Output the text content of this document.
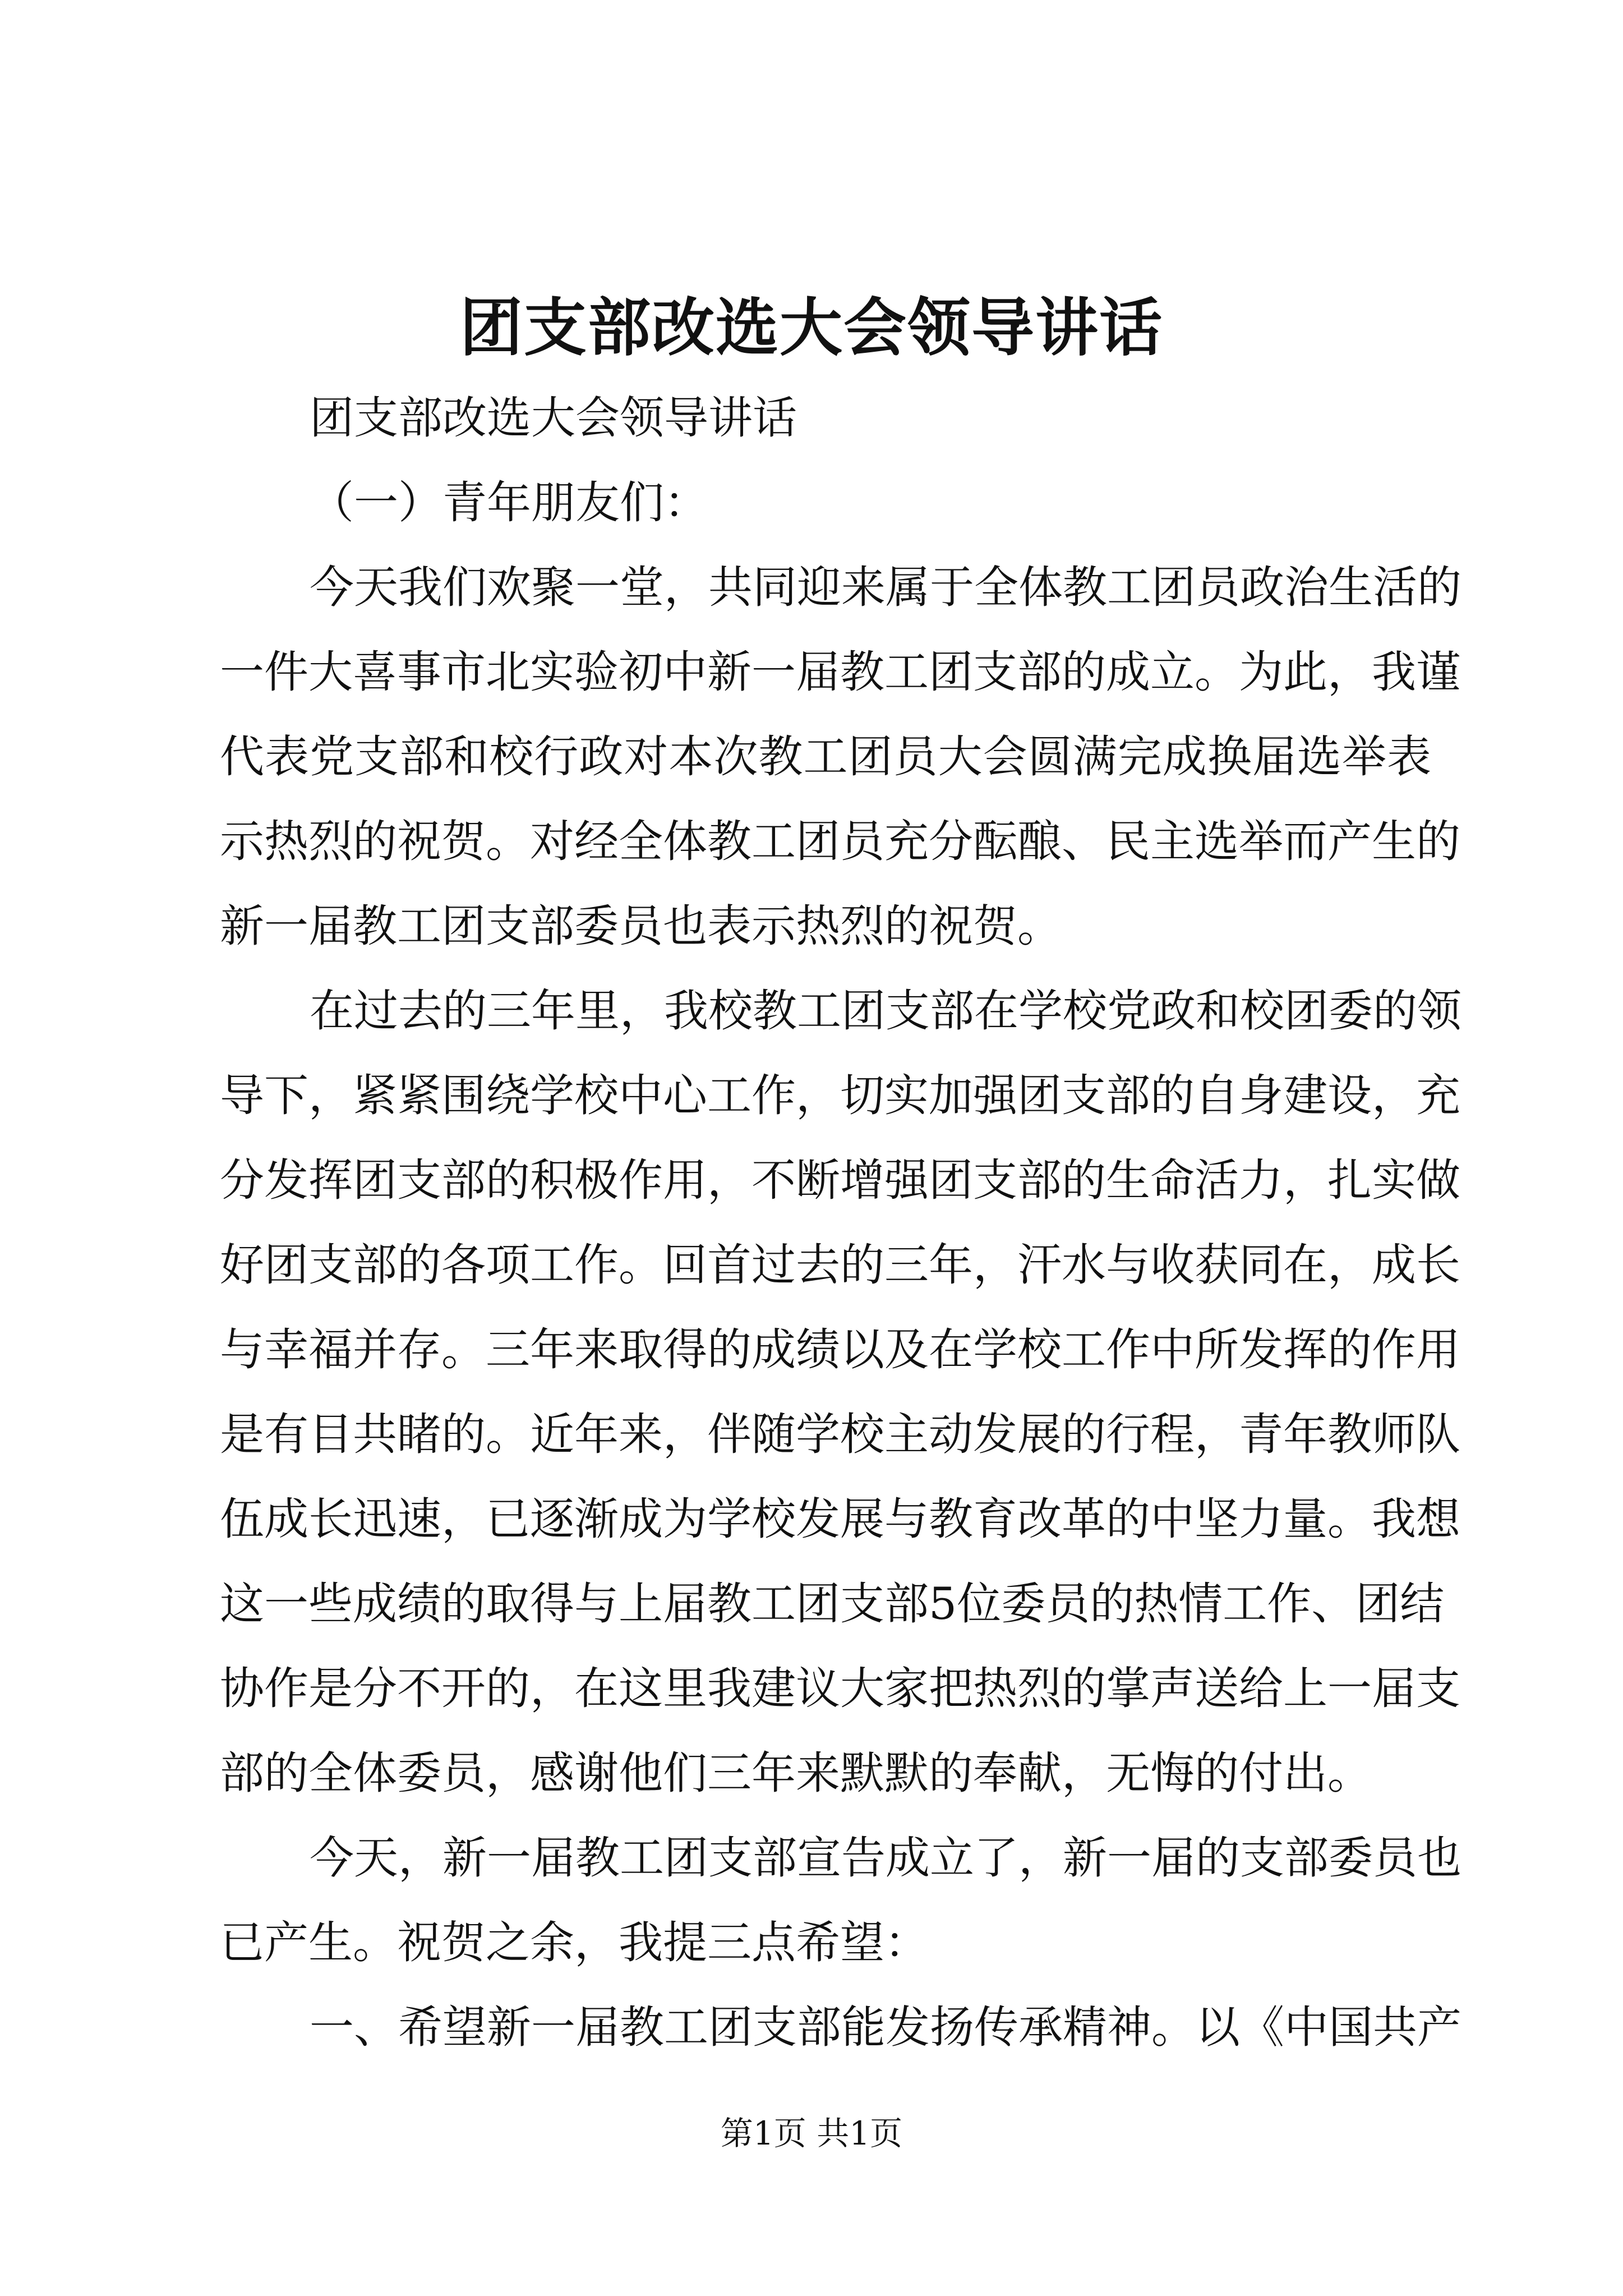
团支部改选大会领导讲话
团支部改选大会领导讲话
（一）青年朋友们：
今天我们欢聚一堂，共同迎来属于全体教工团员政治生活的
一件大喜事市北实验初中新一届教工团支部的成立。为此，我谨
代表党支部和校行政对本次教工团员大会圆满完成换届选举表
示热烈的祝贺。对经全体教工团员充分酝酿、民主选举而产生的
新一届教工团支部委员也表示热烈的祝贺。
在过去的三年里，我校教工团支部在学校党政和校团委的领
导下，紧紧围绕学校中心工作，切实加强团支部的自身建设，充
分发挥团支部的积极作用，不断增强团支部的生命活力，扎实做
好团支部的各项工作。回首过去的三年，汗水与收获同在，成长
与幸福并存。三年来取得的成绩以及在学校工作中所发挥的作用
是有目共睹的。近年来，伴随学校主动发展的行程，青年教师队
伍成长迅速，已逐渐成为学校发展与教育改革的中坚力量。我想
这一些成绩的取得与上届教工团支部5位委员的热情工作、团结
协作是分不开的，在这里我建议大家把热烈的掌声送给上一届支
部的全体委员，感谢他们三年来默默的奉献，无悔的付出。
今天，新一届教工团支部宣告成立了，新一届的支部委员也
已产生。祝贺之余，我提三点希望：
一、希望新一届教工团支部能发扬传承精神。以《中国共产
第1页 共1页
